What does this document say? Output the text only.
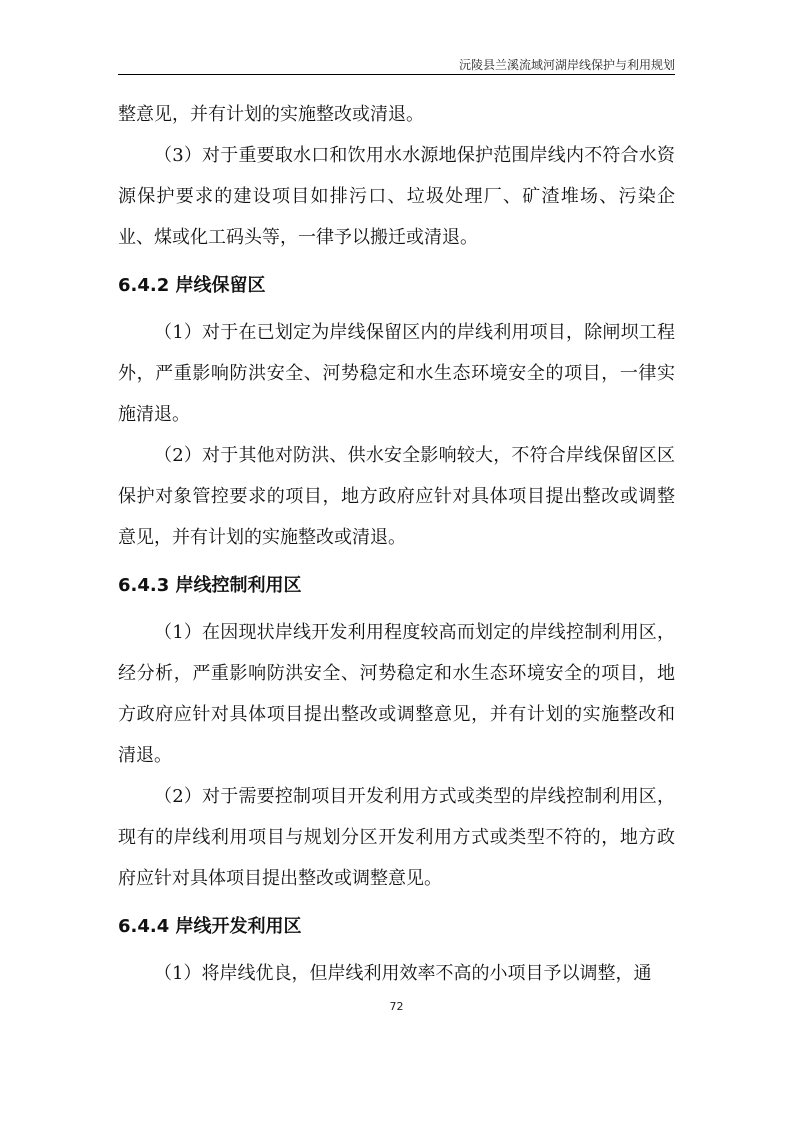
沅陵县兰溪流域河湖岸线保护与利用规划

整意见，并有计划的实施整改或清退。

（3）对于重要取水口和饮用水水源地保护范围岸线内不符合水资源保护要求的建设项目如排污口、垃圾处理厂、矿渣堆场、污染企业、煤或化工码头等，一律予以搬迁或清退。

6.4.2 岸线保留区

（1）对于在已划定为岸线保留区内的岸线利用项目，除闸坝工程外，严重影响防洪安全、河势稳定和水生态环境安全的项目，一律实施清退。

（2）对于其他对防洪、供水安全影响较大，不符合岸线保留区区保护对象管控要求的项目，地方政府应针对具体项目提出整改或调整意见，并有计划的实施整改或清退。

6.4.3 岸线控制利用区

（1）在因现状岸线开发利用程度较高而划定的岸线控制利用区，经分析，严重影响防洪安全、河势稳定和水生态环境安全的项目，地方政府应针对具体项目提出整改或调整意见，并有计划的实施整改和清退。

（2）对于需要控制项目开发利用方式或类型的岸线控制利用区，现有的岸线利用项目与规划分区开发利用方式或类型不符的，地方政府应针对具体项目提出整改或调整意见。

6.4.4 岸线开发利用区

（1）将岸线优良，但岸线利用效率不高的小项目予以调整，通

72
